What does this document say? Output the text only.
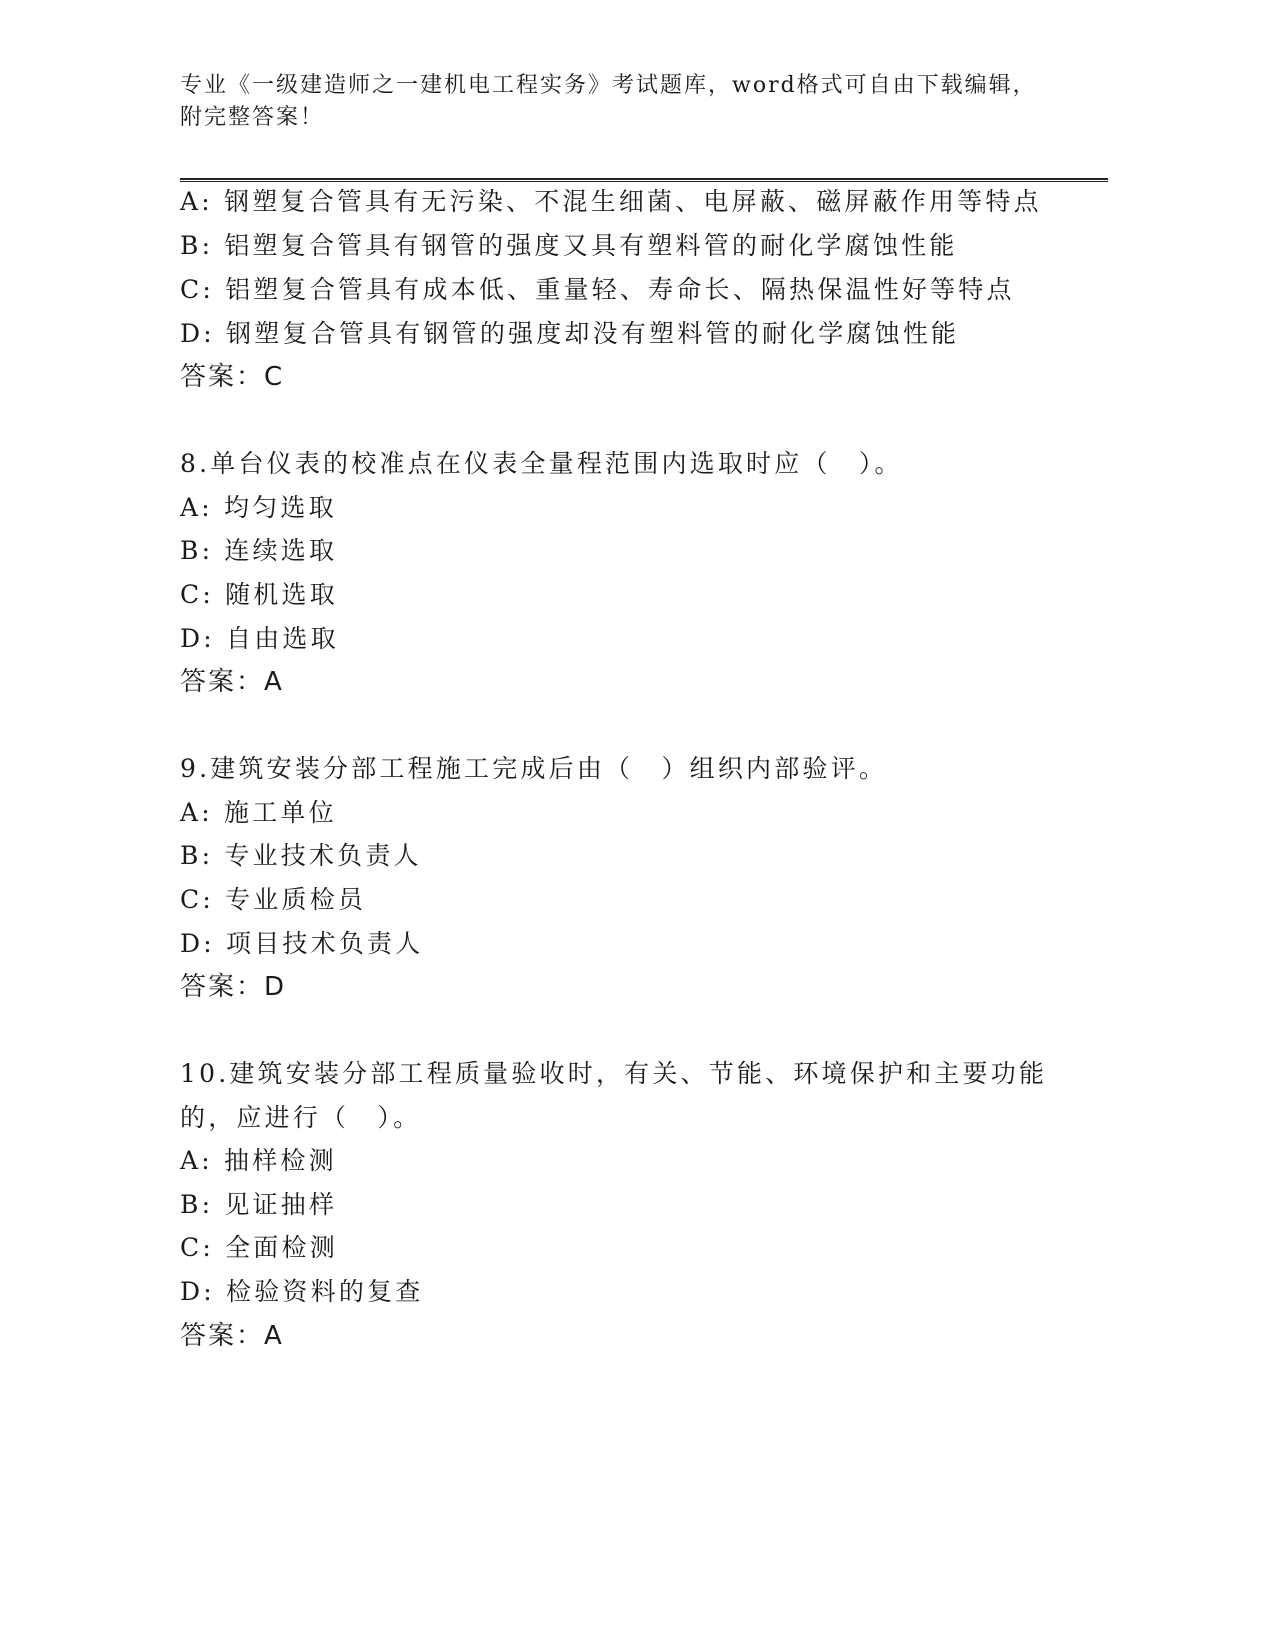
专业《一级建造师之一建机电工程实务》考试题库，word格式可自由下载编辑，附完整答案！
A: 钢塑复合管具有无污染、不混生细菌、电屏蔽、磁屏蔽作用等特点
B: 铝塑复合管具有钢管的强度又具有塑料管的耐化学腐蚀性能
C: 铝塑复合管具有成本低、重量轻、寿命长、隔热保温性好等特点
D: 钢塑复合管具有钢管的强度却没有塑料管的耐化学腐蚀性能
答案：C
8.单台仪表的校准点在仪表全量程范围内选取时应（　）。
A: 均匀选取
B: 连续选取
C: 随机选取
D: 自由选取
答案：A
9.建筑安装分部工程施工完成后由（　）组织内部验评。
A: 施工单位
B: 专业技术负责人
C: 专业质检员
D: 项目技术负责人
答案：D
10.建筑安装分部工程质量验收时，有关、节能、环境保护和主要功能的，应进行（　）。
A: 抽样检测
B: 见证抽样
C: 全面检测
D: 检验资料的复查
答案：A
